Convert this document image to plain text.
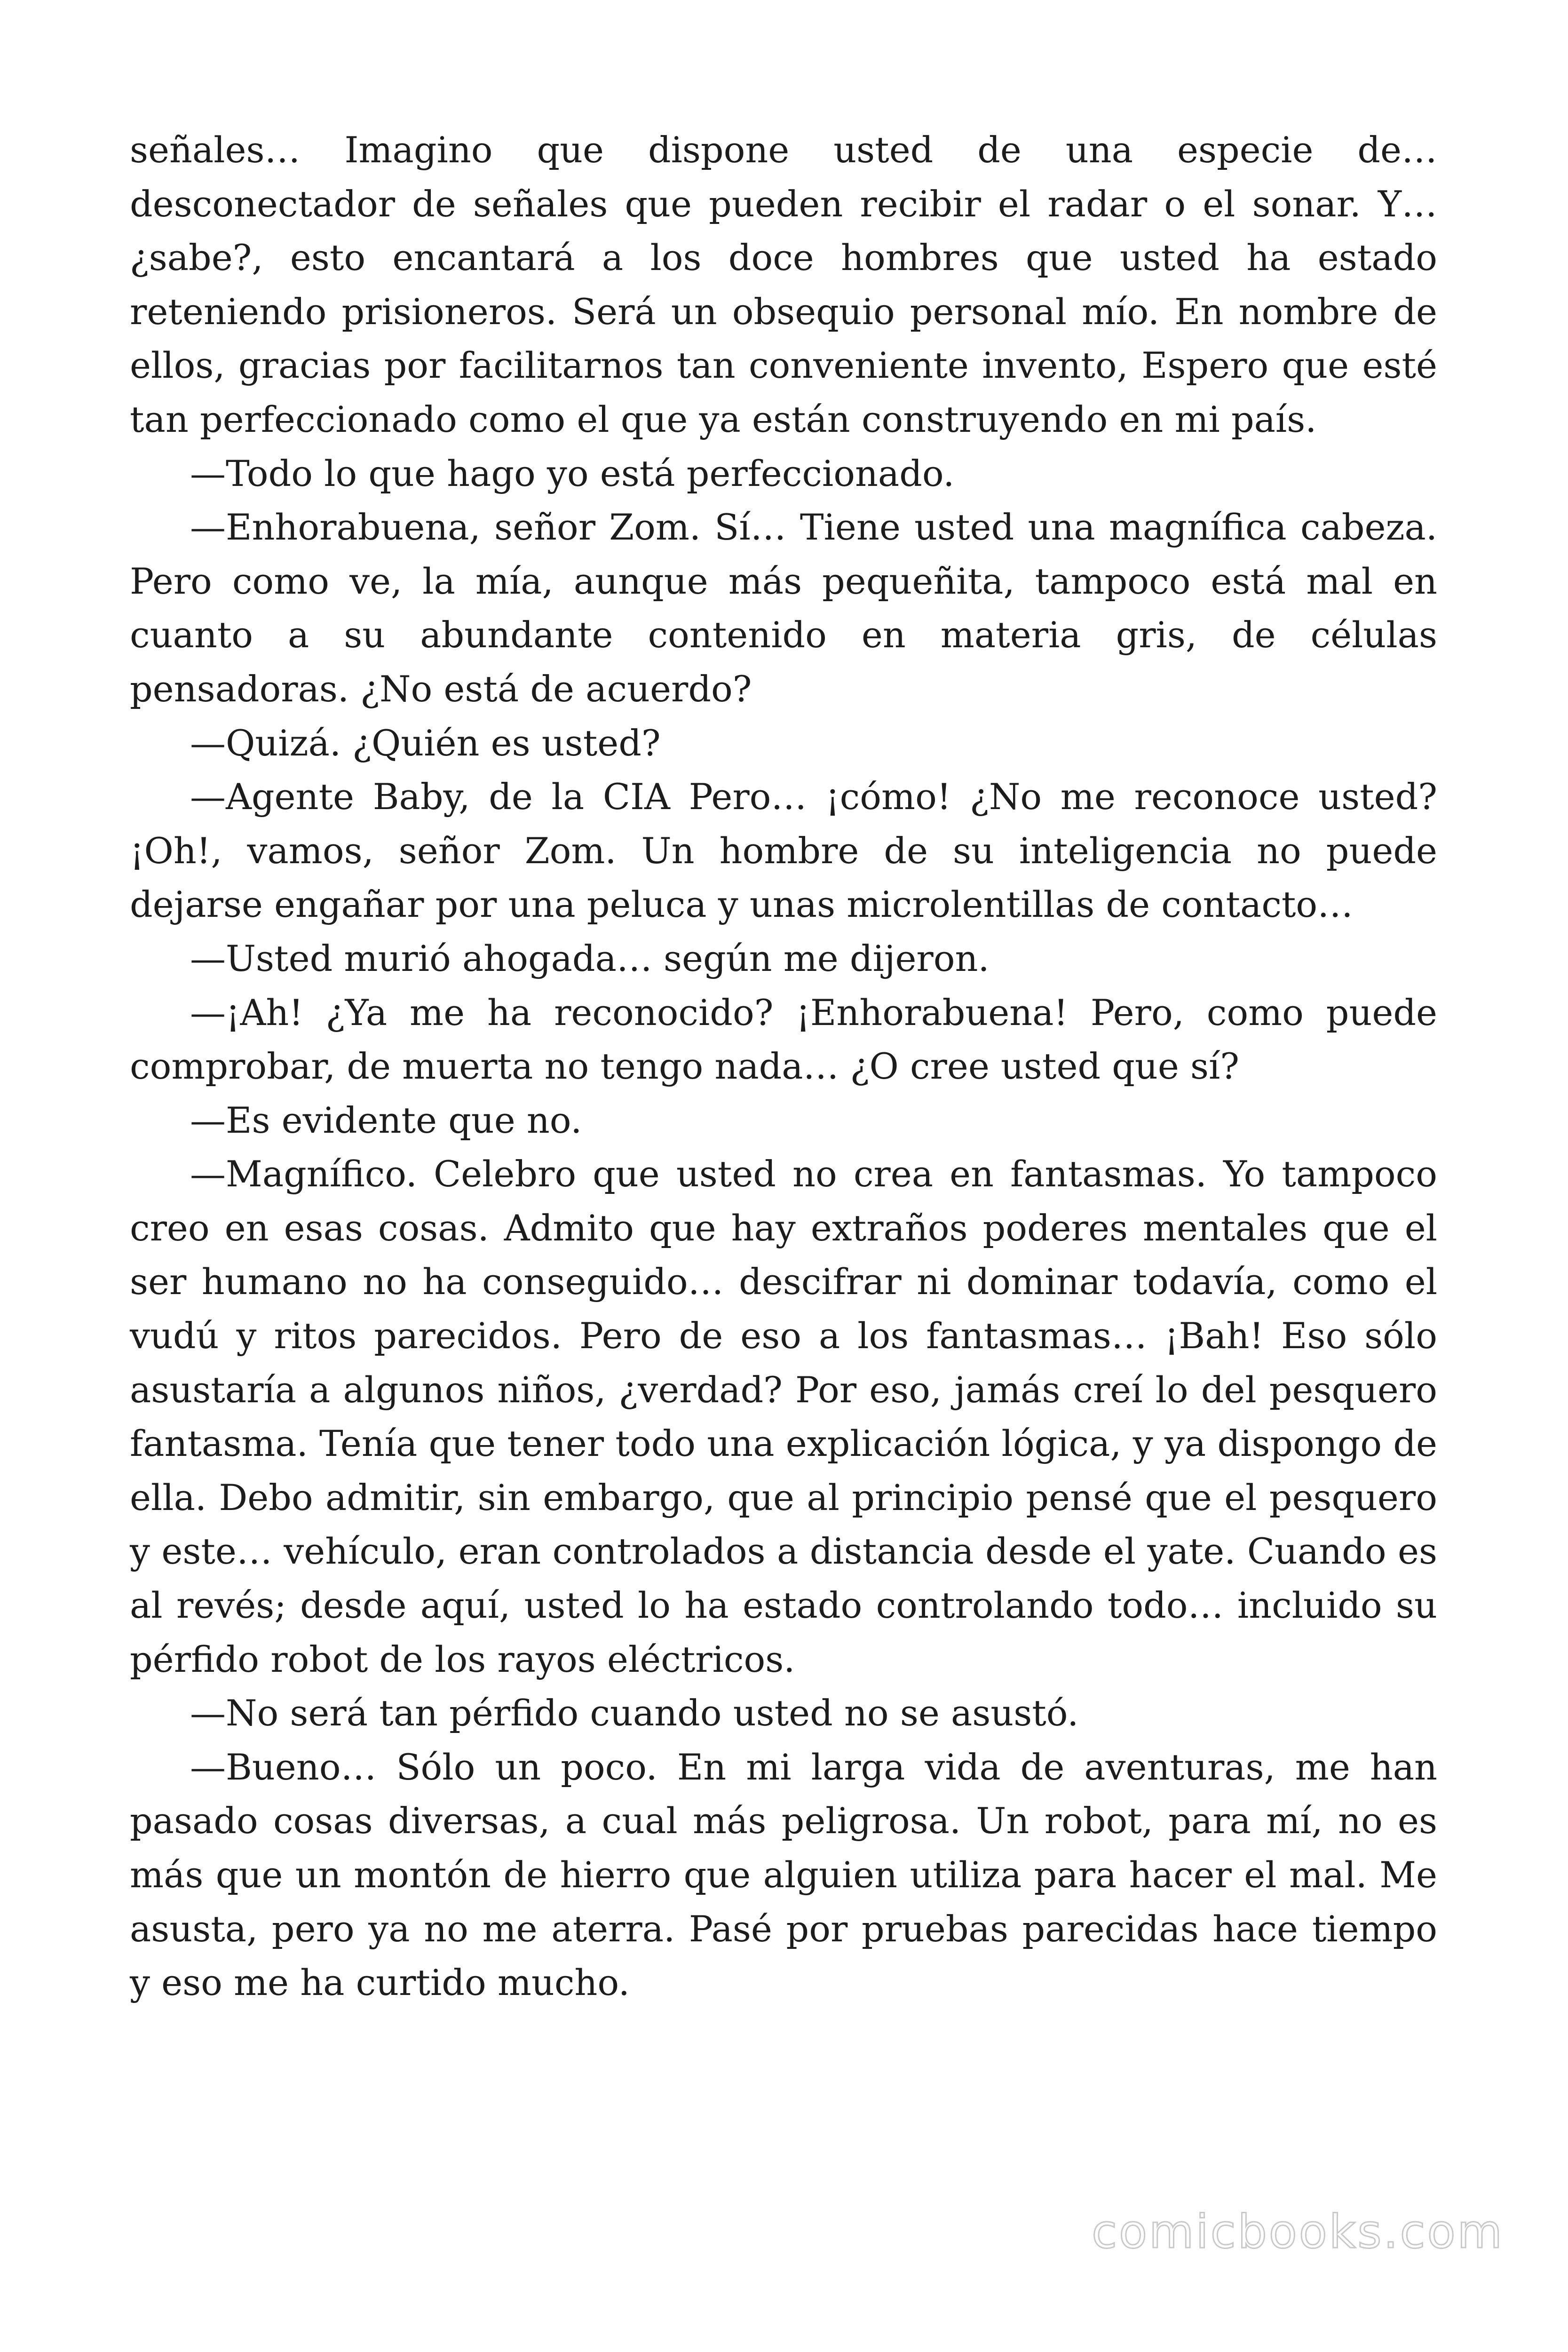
señales… Imagino que dispone usted de una especie de… desconectador de señales que pueden recibir el radar o el sonar. Y… ¿sabe?, esto encantará a los doce hombres que usted ha estado reteniendo prisioneros. Será un obsequio personal mío. En nombre de ellos, gracias por facilitarnos tan conveniente invento, Espero que esté tan perfeccionado como el que ya están construyendo en mi país.

—Todo lo que hago yo está perfeccionado.

—Enhorabuena, señor Zom. Sí… Tiene usted una magnífica cabeza. Pero como ve, la mía, aunque más pequeñita, tampoco está mal en cuanto a su abundante contenido en materia gris, de células pensadoras. ¿No está de acuerdo?

—Quizá. ¿Quién es usted?

—Agente Baby, de la CIA Pero… ¡cómo! ¿No me reconoce usted? ¡Oh!, vamos, señor Zom. Un hombre de su inteligencia no puede dejarse engañar por una peluca y unas microlentillas de contacto…

—Usted murió ahogada… según me dijeron.

—¡Ah! ¿Ya me ha reconocido? ¡Enhorabuena! Pero, como puede comprobar, de muerta no tengo nada… ¿O cree usted que sí?

—Es evidente que no.

—Magnífico. Celebro que usted no crea en fantasmas. Yo tampoco creo en esas cosas. Admito que hay extraños poderes mentales que el ser humano no ha conseguido… descifrar ni dominar todavía, como el vudú y ritos parecidos. Pero de eso a los fantasmas… ¡Bah! Eso sólo asustaría a algunos niños, ¿verdad? Por eso, jamás creí lo del pesquero fantasma. Tenía que tener todo una explicación lógica, y ya dispongo de ella. Debo admitir, sin embargo, que al principio pensé que el pesquero y este… vehículo, eran controlados a distancia desde el yate. Cuando es al revés; desde aquí, usted lo ha estado controlando todo… incluido su pérfido robot de los rayos eléctricos.

—No será tan pérfido cuando usted no se asustó.

—Bueno… Sólo un poco. En mi larga vida de aventuras, me han pasado cosas diversas, a cual más peligrosa. Un robot, para mí, no es más que un montón de hierro que alguien utiliza para hacer el mal. Me asusta, pero ya no me aterra. Pasé por pruebas parecidas hace tiempo y eso me ha curtido mucho.

comicbooks.com
